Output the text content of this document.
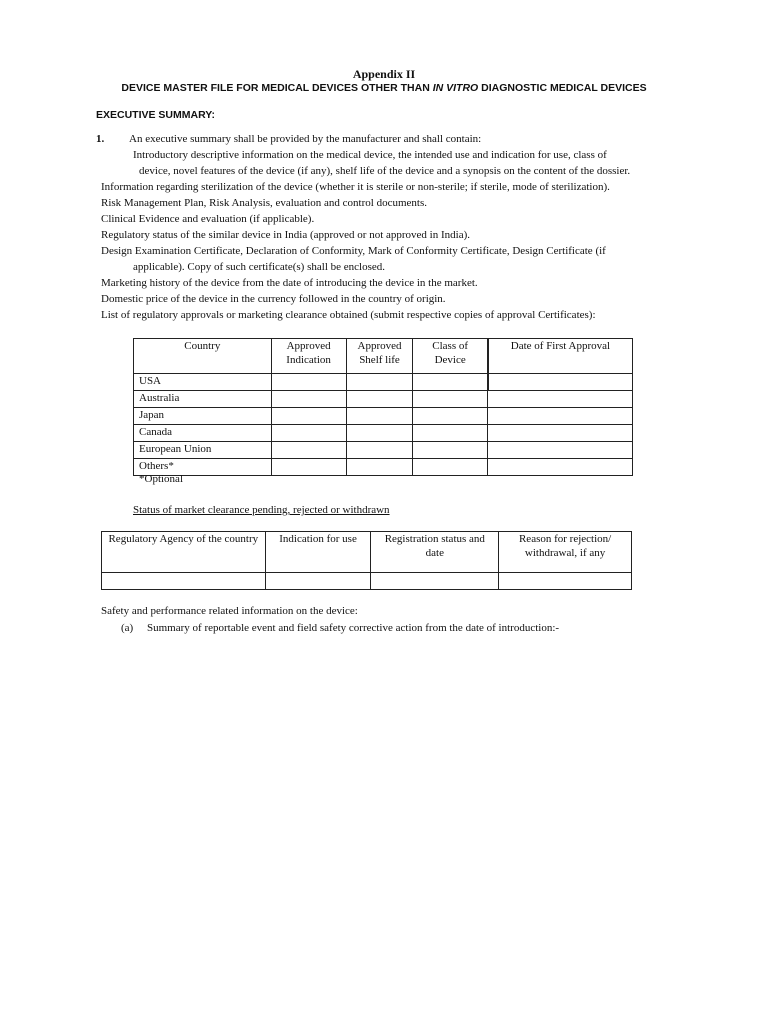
Appendix II
DEVICE MASTER FILE FOR MEDICAL DEVICES OTHER THAN IN VITRO DIAGNOSTIC MEDICAL DEVICES
EXECUTIVE SUMMARY:
1. An executive summary shall be provided by the manufacturer and shall contain:
Introductory descriptive information on the medical device, the intended use and indication for use, class of
device, novel features of the device (if any), shelf life of the device and a synopsis on the content of the dossier.
Information regarding sterilization of the device (whether it is sterile or non-sterile; if sterile, mode of sterilization).
Risk Management Plan, Risk Analysis, evaluation and control documents.
Clinical Evidence and evaluation (if applicable).
Regulatory status of the similar device in India (approved or not approved in India).
Design Examination Certificate, Declaration of Conformity, Mark of Conformity Certificate, Design Certificate (if
applicable). Copy of such certificate(s) shall be enclosed.
Marketing history of the device from the date of introducing the device in the market.
Domestic price of the device in the currency followed in the country of origin.
List of regulatory approvals or marketing clearance obtained (submit respective copies of approval Certificates):
Country	Approved Indication	Approved Shelf life	Class of Device	Date of First Approval
USA				
Australia				
Japan				
Canada				
European Union				
Others*				
*Optional
Status of market clearance pending, rejected or withdrawn
Regulatory Agency of the country	Indication for use	Registration status and date	Reason for rejection/ withdrawal, if any

Safety and performance related information on the device:
(a) Summary of reportable event and field safety corrective action from the date of introduction:-
